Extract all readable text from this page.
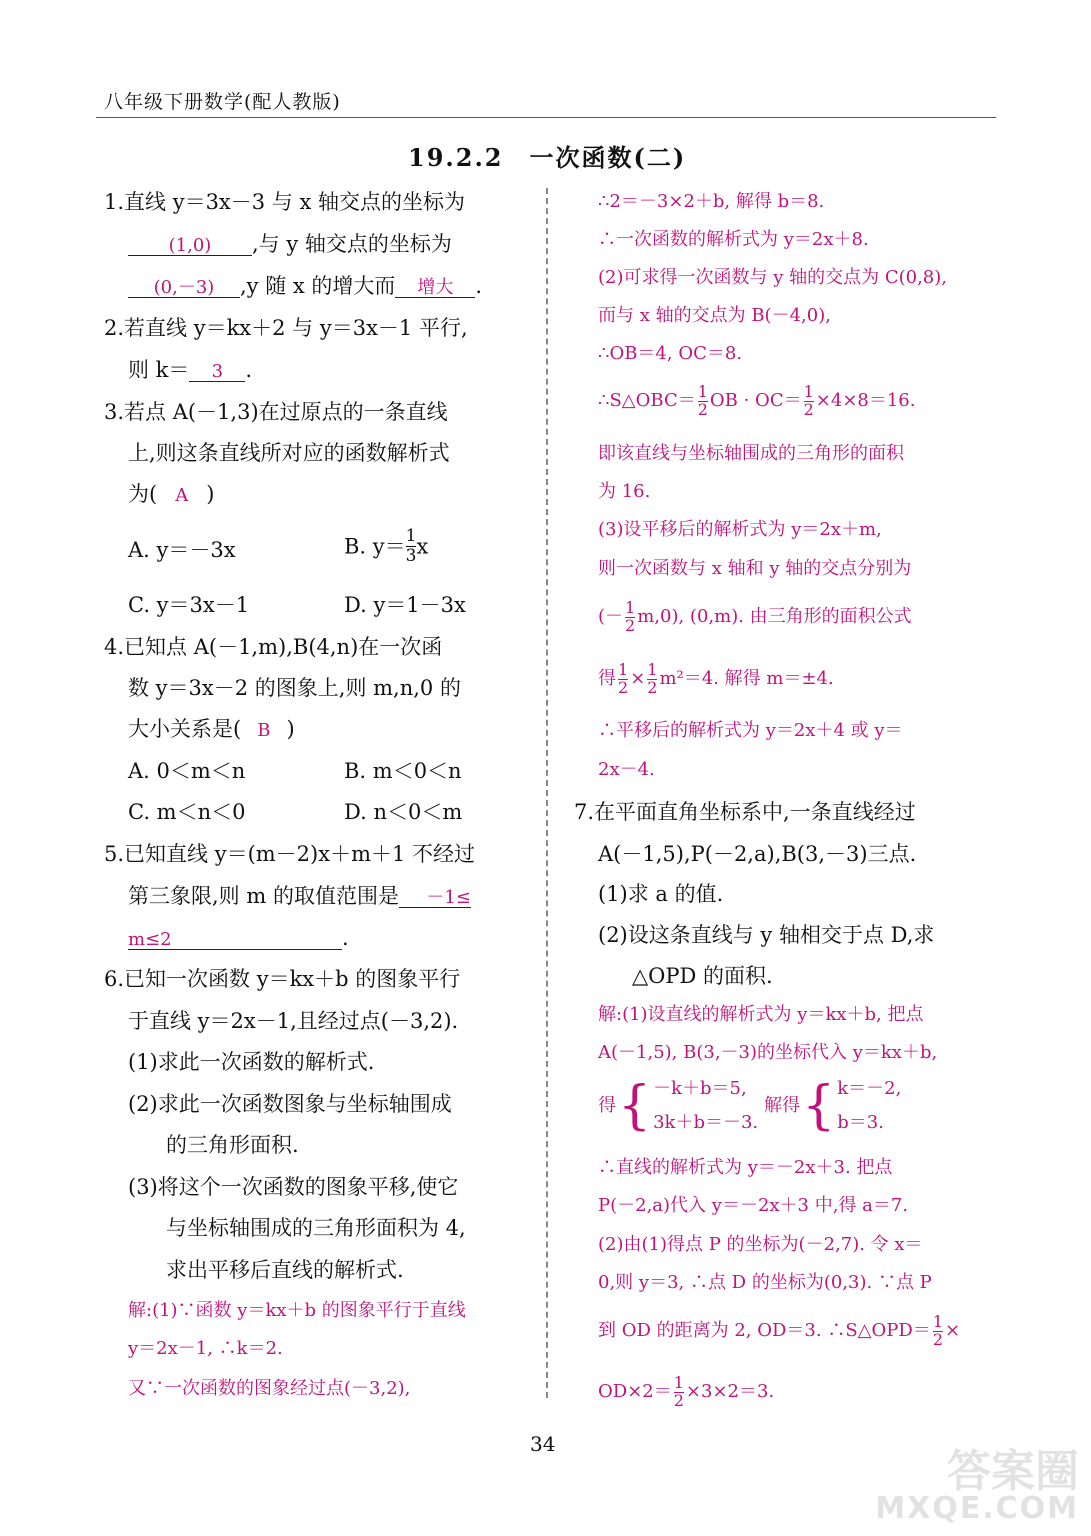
八年级下册数学(配人教版)
19.2.2　一次函数(二)
1.直线 y＝3x－3 与 x 轴交点的坐标为
(1,0) ,与 y 轴交点的坐标为
(0,－3) ,y 随 x 的增大而 增大 .
2.若直线 y＝kx＋2 与 y＝3x－1 平行,
则 k＝ 3 .
3.若点 A(－1,3)在过原点的一条直线
上,则这条直线所对应的函数解析式
为( A )
A. y＝－3x	B. $y= \frac{1}{3}$ x
C. y＝3x－1	D. y＝1－3x
4.已知点 A(－1,m),B(4,n)在一次函
数 y＝3x－2 的图象上,则 m,n,0 的
大小关系是( B )
A. 0＜m＜n	B. m＜0＜n
C. m＜n＜0	D. n＜0＜m
5.已知直线 y＝(m－2)x＋m＋1 不经过
第三象限,则 m 的取值范围是 －1≤
m≤2	.
6.已知一次函数 y＝kx＋b 的图象平行
于直线 y＝2x－1,且经过点(－3,2).
(1)求此一次函数的解析式.
(2)求此一次函数图象与坐标轴围成
的三角形面积.
(3)将这个一次函数的图象平移,使它
与坐标轴围成的三角形面积为 4,
求出平移后直线的解析式.
解:(1)∵函数 y＝kx＋b 的图象平行于直线
y＝2x－1, ∴k＝2.
又∵一次函数的图象经过点(－3,2),
∴2＝－3×2＋b, 解得 b＝8.
∴一次函数的解析式为 y＝2x＋8.
(2)可求得一次函数与 y 轴的交点为 C(0,8),
而与 x 轴的交点为 B(－4,0),
∴OB＝4, OC＝8.
∴S△OBC＝ $\frac{1}{2}$ OB · $OC= \frac{1}{2} \times 4\times 8=16$.
即该直线与坐标轴围成的三角形的面积
为 16.
(3)设平移后的解析式为 y＝2x＋m,
则一次函数与 x 轴和 y 轴的交点分别为
(－ $\frac{1}{2} m,0$), (0,m). 由三角形的面积公式
得 $\frac{1}{2} \times \frac{1}{2} m^2=4$. 解得 m＝±4.
∴平移后的解析式为 y＝2x＋4 或 y＝
2x－4.
7.在平面直角坐标系中,一条直线经过
A(－1,5),P(－2,a),B(3,－3)三点.
(1)求 a 的值.
(2)设这条直线与 y 轴相交于点 D,求
△OPD 的面积.
解:(1)设直线的解析式为 y＝kx＋b, 把点
A(－1,5), B(3,－3)的坐标代入 y＝kx＋b,
得 { －k＋b＝5,
3k＋b＝－3.
解得 { k＝－2,
b＝3.
∴直线的解析式为 y＝－2x＋3. 把点
P(－2,a)代入 y＝－2x＋3 中,得 a＝7.
(2)由(1)得点 P 的坐标为(－2,7). 令 x＝
0,则 y＝3, ∴点 D 的坐标为(0,3). ∵点 P
到 OD 的距离为 2, OD＝3. ∴S△OPD＝ $\frac{1}{2}$ ×
$OD\times 2= \frac{1}{2} \times 3\times 2=3$.
34
答案圈
MXQE.COM
